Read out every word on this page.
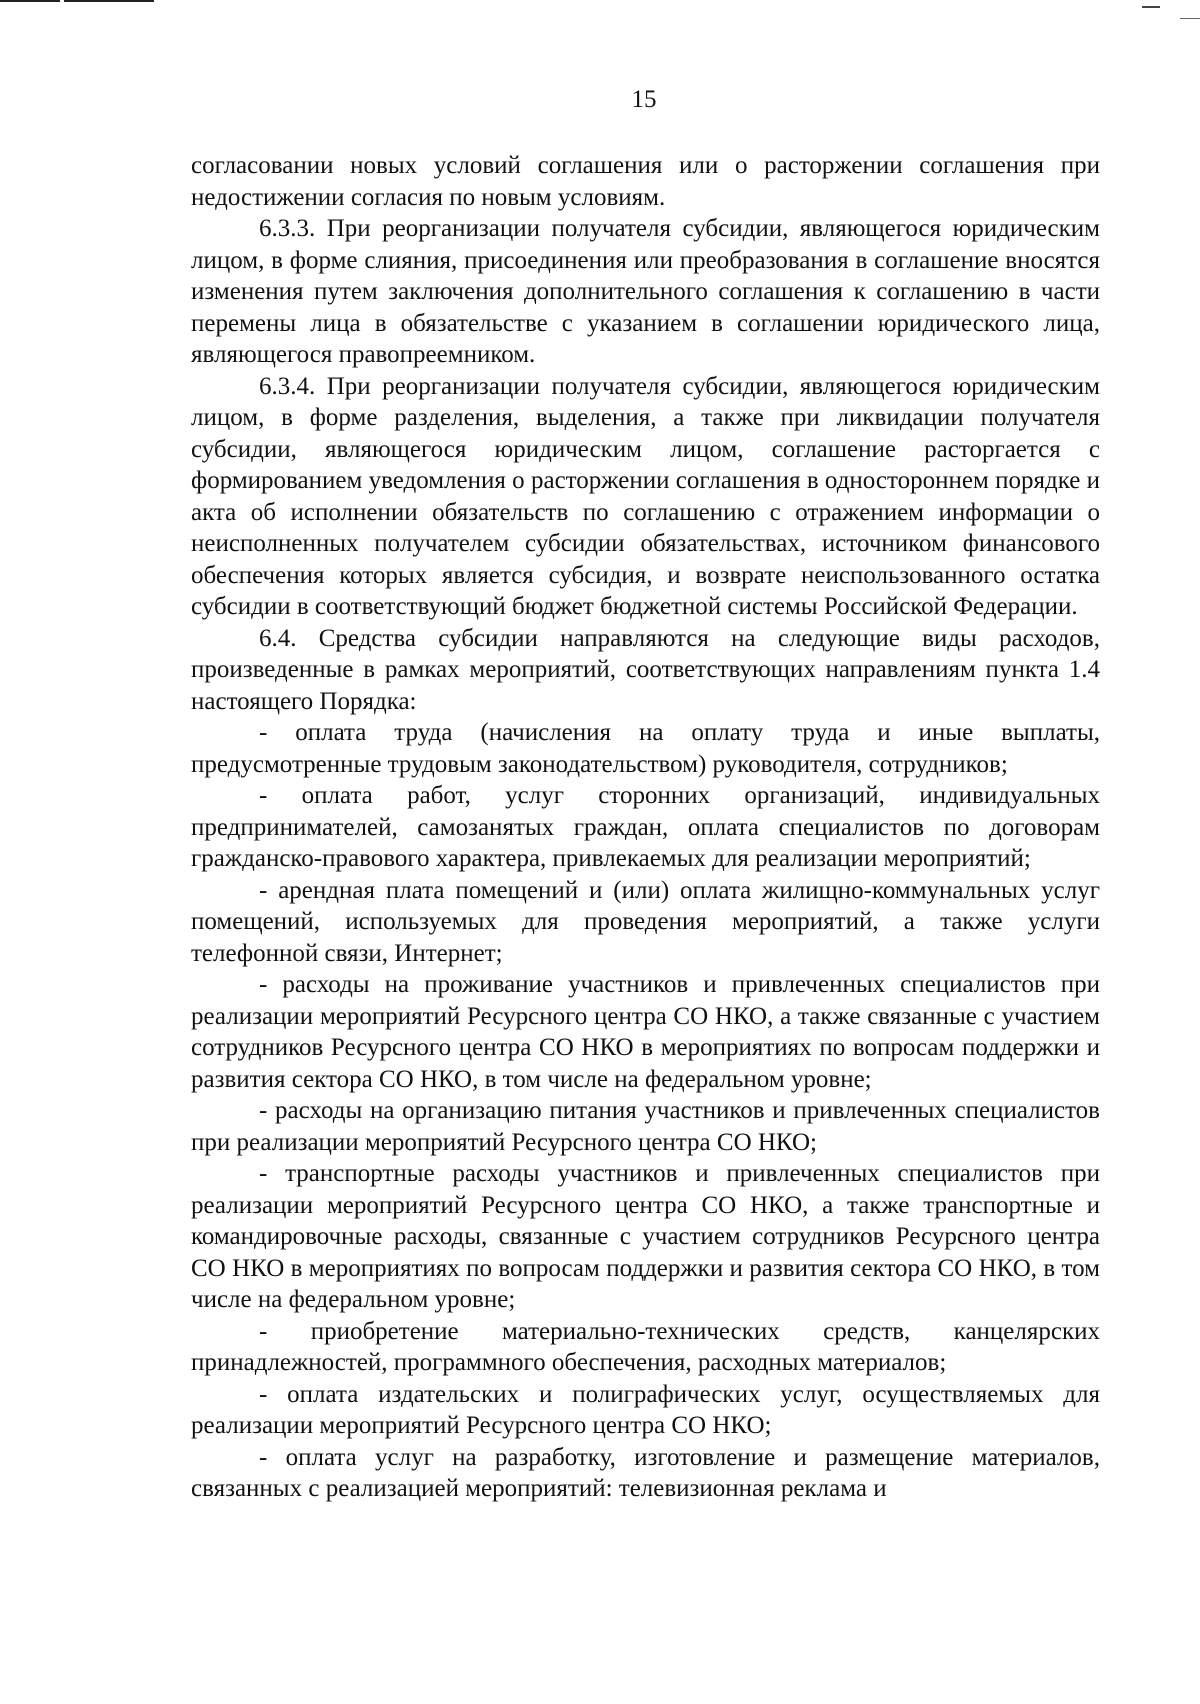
15

согласовании новых условий соглашения или о расторжении соглашения при недостижении согласия по новым условиям.

6.3.3. При реорганизации получателя субсидии, являющегося юридическим лицом, в форме слияния, присоединения или преобразования в соглашение вносятся изменения путем заключения дополнительного соглашения к соглашению в части перемены лица в обязательстве с указанием в соглашении юридического лица, являющегося правопреемником.

6.3.4. При реорганизации получателя субсидии, являющегося юридическим лицом, в форме разделения, выделения, а также при ликвидации получателя субсидии, являющегося юридическим лицом, соглашение расторгается с формированием уведомления о расторжении соглашения в одностороннем порядке и акта об исполнении обязательств по соглашению с отражением информации о неисполненных получателем субсидии обязательствах, источником финансового обеспечения которых является субсидия, и возврате неиспользованного остатка субсидии в соответствующий бюджет бюджетной системы Российской Федерации.

6.4. Средства субсидии направляются на следующие виды расходов, произведенные в рамках мероприятий, соответствующих направлениям пункта 1.4 настоящего Порядка:

- оплата труда (начисления на оплату труда и иные выплаты, предусмотренные трудовым законодательством) руководителя, сотрудников;

- оплата работ, услуг сторонних организаций, индивидуальных предпринимателей, самозанятых граждан, оплата специалистов по договорам гражданско-правового характера, привлекаемых для реализации мероприятий;

- арендная плата помещений и (или) оплата жилищно-коммунальных услуг помещений, используемых для проведения мероприятий, а также услуги телефонной связи, Интернет;

- расходы на проживание участников и привлеченных специалистов при реализации мероприятий Ресурсного центра СО НКО, а также связанные с участием сотрудников Ресурсного центра СО НКО в мероприятиях по вопросам поддержки и развития сектора СО НКО, в том числе на федеральном уровне;

- расходы на организацию питания участников и привлеченных специалистов при реализации мероприятий Ресурсного центра СО НКО;

- транспортные расходы участников и привлеченных специалистов при реализации мероприятий Ресурсного центра СО НКО, а также транспортные и командировочные расходы, связанные с участием сотрудников Ресурсного центра СО НКО в мероприятиях по вопросам поддержки и развития сектора СО НКО, в том числе на федеральном уровне;

- приобретение материально-технических средств, канцелярских принадлежностей, программного обеспечения, расходных материалов;

- оплата издательских и полиграфических услуг, осуществляемых для реализации мероприятий Ресурсного центра СО НКО;

- оплата услуг на разработку, изготовление и размещение материалов, связанных с реализацией мероприятий: телевизионная реклама и
